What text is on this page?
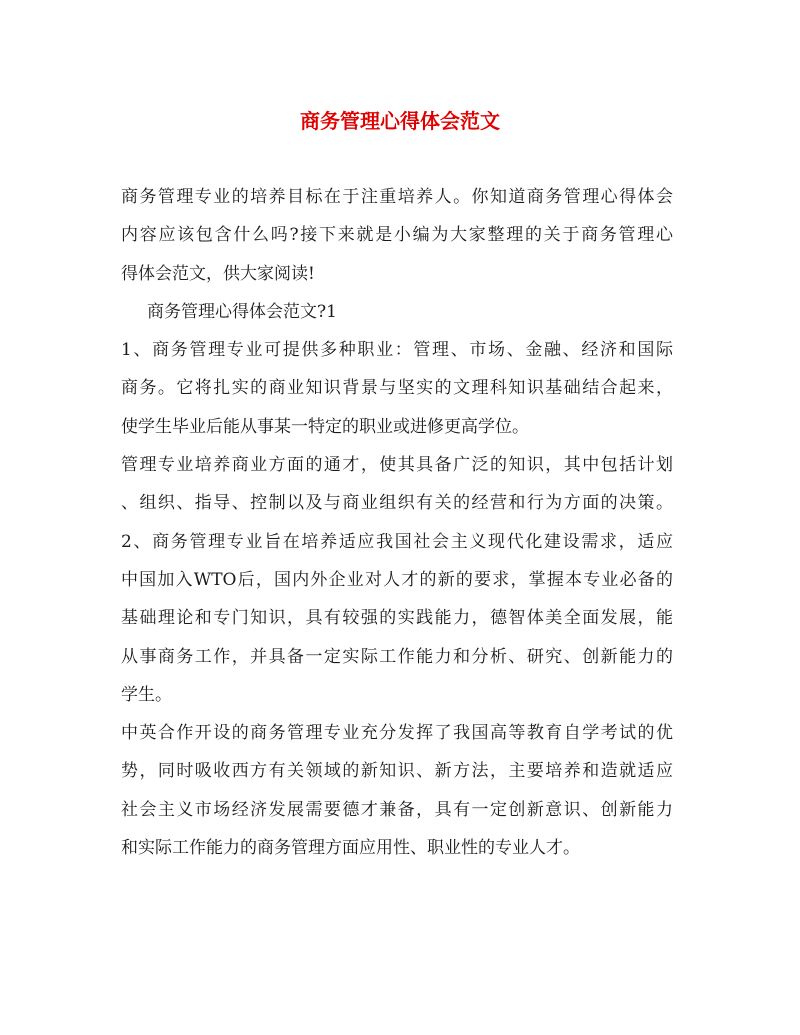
商务管理心得体会范文
商务管理专业的培养目标在于注重培养人。你知道商务管理心得体会
内容应该包含什么吗?接下来就是小编为大家整理的关于商务管理心
得体会范文，供大家阅读!
商务管理心得体会范文?1
1、商务管理专业可提供多种职业：管理、市场、金融、经济和国际
商务。它将扎实的商业知识背景与坚实的文理科知识基础结合起来，
使学生毕业后能从事某一特定的职业或进修更高学位。
管理专业培养商业方面的通才，使其具备广泛的知识，其中包括计划
、组织、指导、控制以及与商业组织有关的经营和行为方面的决策。
2、商务管理专业旨在培养适应我国社会主义现代化建设需求，适应
中国加入WTO后，国内外企业对人才的新的要求，掌握本专业必备的
基础理论和专门知识，具有较强的实践能力，德智体美全面发展，能
从事商务工作，并具备一定实际工作能力和分析、研究、创新能力的
学生。
中英合作开设的商务管理专业充分发挥了我国高等教育自学考试的优
势，同时吸收西方有关领域的新知识、新方法，主要培养和造就适应
社会主义市场经济发展需要德才兼备，具有一定创新意识、创新能力
和实际工作能力的商务管理方面应用性、职业性的专业人才。
